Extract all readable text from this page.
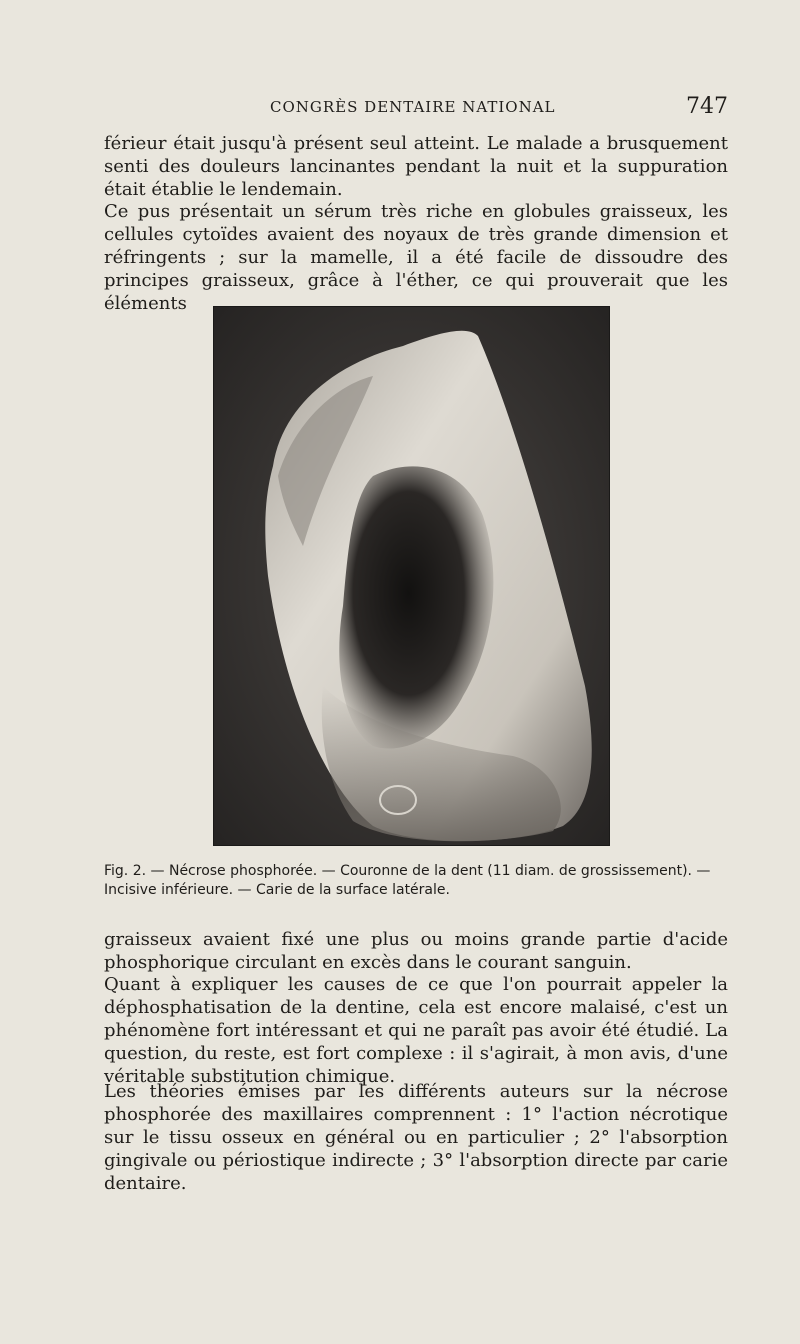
CONGRÈS DENTAIRE NATIONAL	747

férieur était jusqu'à présent seul atteint. Le malade a brusquement senti des douleurs lancinantes pendant la nuit et la suppuration était établie le lendemain.

Ce pus présentait un sérum très riche en globules graisseux, les cellules cytoïdes avaient des noyaux de très grande dimension et réfringents ; sur la mamelle, il a été facile de dissoudre des principes graisseux, grâce à l'éther, ce qui prouverait que les éléments

Fig. 2. — Nécrose phosphorée. — Couronne de la dent (11 diam. de grossissement). — Incisive inférieure. — Carie de la surface latérale.

graisseux avaient fixé une plus ou moins grande partie d'acide phosphorique circulant en excès dans le courant sanguin.

Quant à expliquer les causes de ce que l'on pourrait appeler la déphosphatisation de la dentine, cela est encore malaisé, c'est un phénomène fort intéressant et qui ne paraît pas avoir été étudié. La question, du reste, est fort complexe : il s'agirait, à mon avis, d'une véritable substitution chimique.

Les théories émises par les différents auteurs sur la nécrose phosphorée des maxillaires comprennent : 1° l'action nécrotique sur le tissu osseux en général ou en particulier ; 2° l'absorption gingivale ou périostique indirecte ; 3° l'absorption directe par carie dentaire.
